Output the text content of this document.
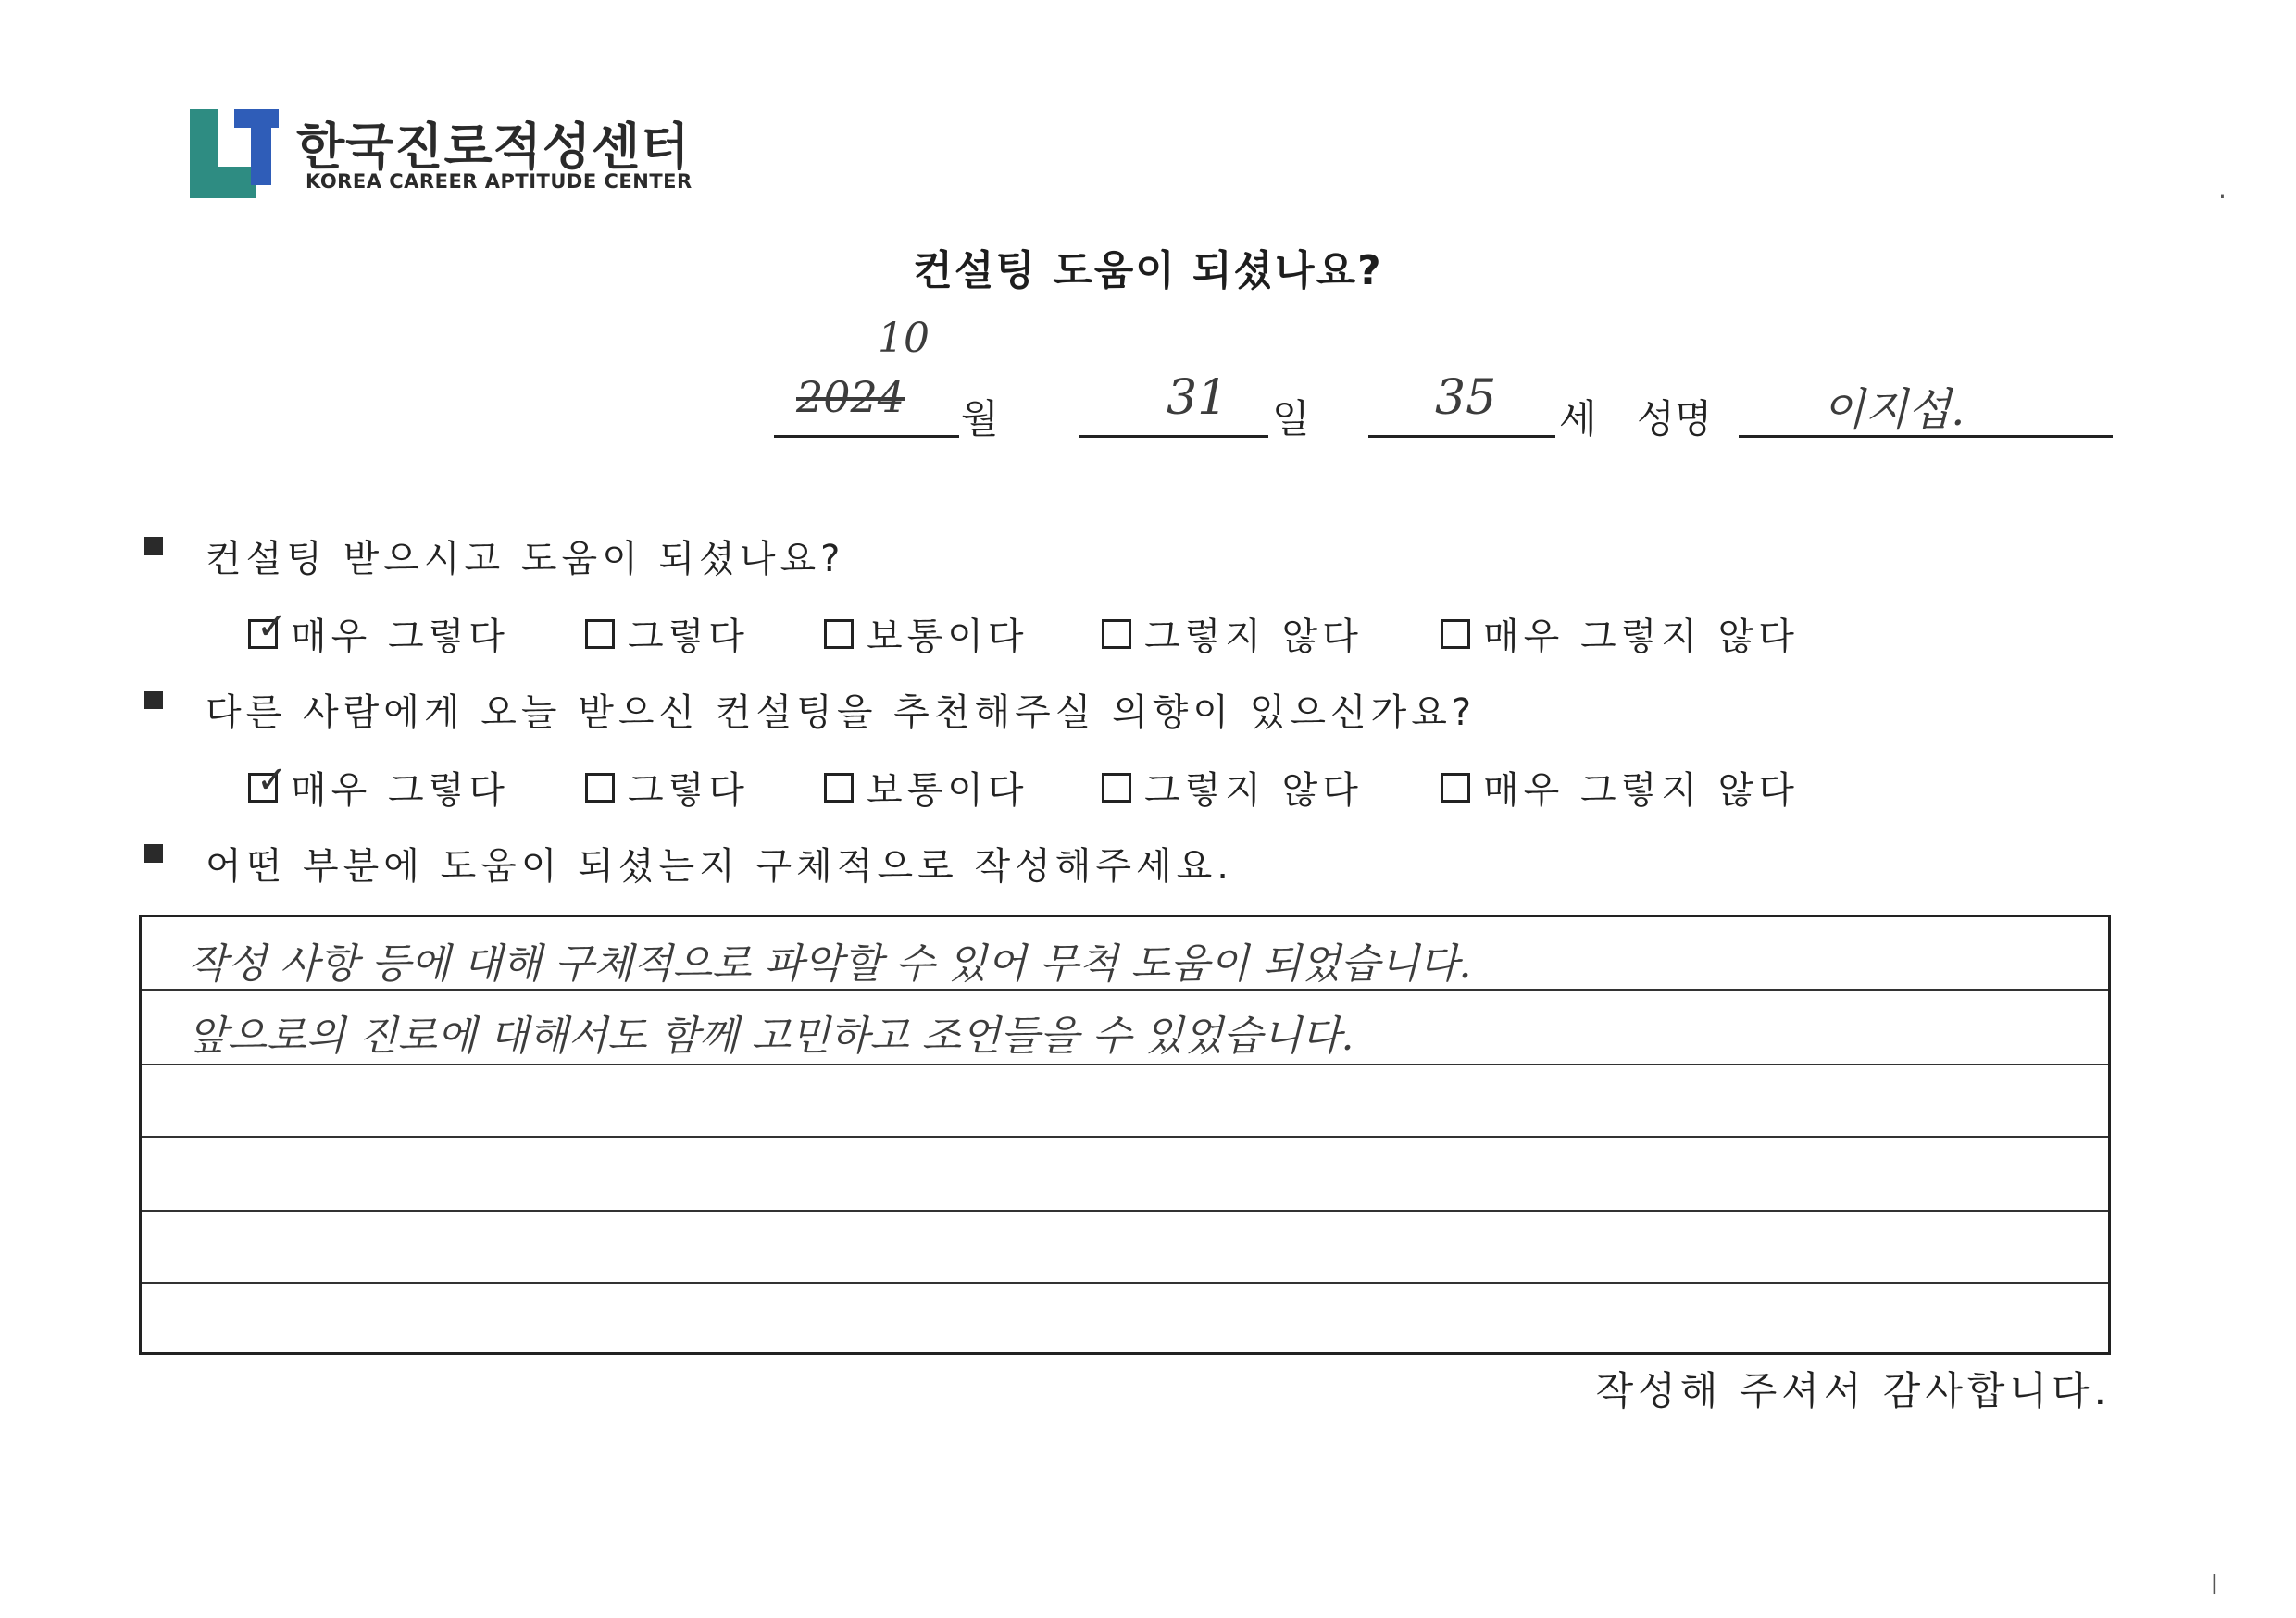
한국진로적성센터
KOREA CAREER APTITUDE CENTER
컨설팅 도움이 되셨나요?
10
2024 월	31 일	35 세 성명 이지섭.
컨설팅 받으시고 도움이 되셨나요?
✓ 매우 그렇다	그렇다	보통이다	그렇지 않다	매우 그렇지 않다
다른 사람에게 오늘 받으신 컨설팅을 추천해주실 의향이 있으신가요?
✓ 매우 그렇다	그렇다	보통이다	그렇지 않다	매우 그렇지 않다
어떤 부분에 도움이 되셨는지 구체적으로 작성해주세요.
작성 사항 등에 대해 구체적으로 파악할 수 있어 무척 도움이 되었습니다.
앞으로의 진로에 대해서도 함께 고민하고 조언들을 수 있었습니다.
작성해 주셔서 감사합니다.
·
ⅼ
